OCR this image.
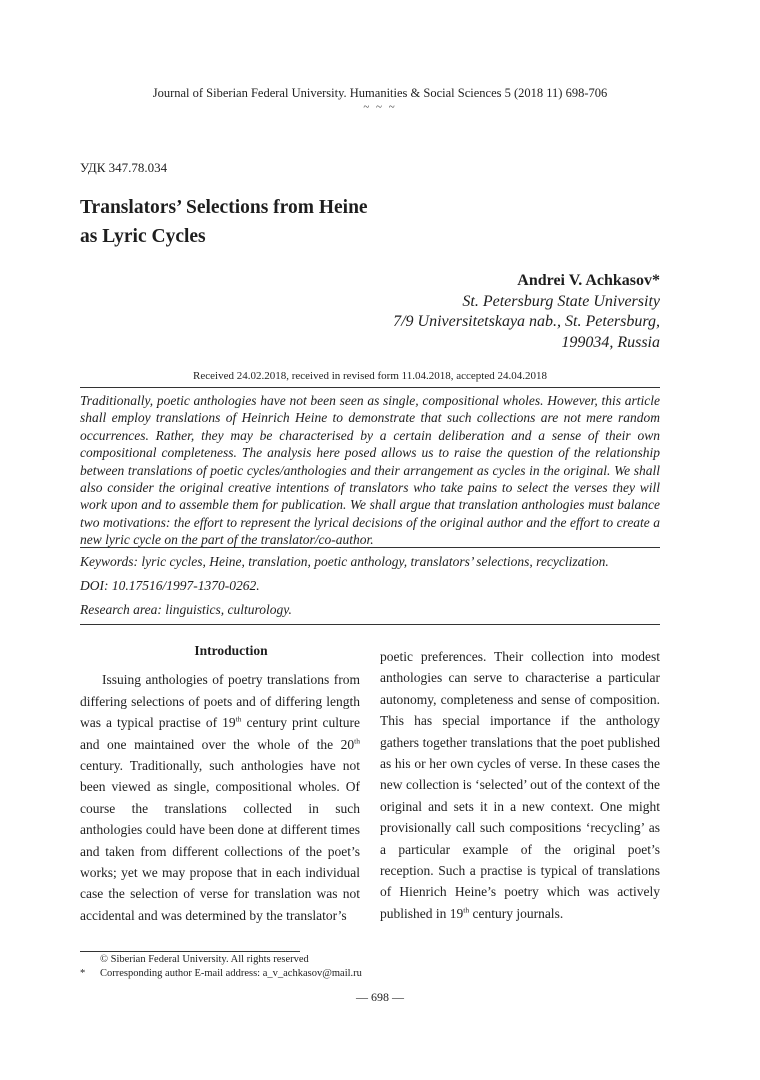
Journal of Siberian Federal University. Humanities & Social Sciences 5 (2018 11) 698-706
~ ~ ~
УДК 347.78.034
Translators’ Selections from Heine
as Lyric Cycles
Andrei V. Achkasov*
St. Petersburg State University
7/9 Universitetskaya nab., St. Petersburg,
199034, Russia
Received 24.02.2018, received in revised form 11.04.2018, accepted 24.04.2018
Traditionally, poetic anthologies have not been seen as single, compositional wholes. However, this article shall employ translations of Heinrich Heine to demonstrate that such collections are not mere random occurrences. Rather, they may be characterised by a certain deliberation and a sense of their own compositional completeness. The analysis here posed allows us to raise the question of the relationship between translations of poetic cycles/anthologies and their arrangement as cycles in the original. We shall also consider the original creative intentions of translators who take pains to select the verses they will work upon and to assemble them for publication. We shall argue that translation anthologies must balance two motivations: the effort to represent the lyrical decisions of the original author and the effort to create a new lyric cycle on the part of the translator/co-author.
Keywords: lyric cycles, Heine, translation, poetic anthology, translators’ selections, recyclization.
DOI: 10.17516/1997-1370-0262.
Research area: linguistics, culturology.

Introduction

Issuing anthologies of poetry translations from differing selections of poets and of differing length was a typical practise of 19th century print culture and one maintained over the whole of the 20th century. Traditionally, such anthologies have not been viewed as single, compositional wholes. Of course the translations collected in such anthologies could have been done at different times and taken from different collections of the poet’s works; yet we may propose that in each individual case the selection of verse for translation was not accidental and was determined by the translator’s

poetic preferences. Their collection into modest anthologies can serve to characterise a particular autonomy, completeness and sense of composition. This has special importance if the anthology gathers together translations that the poet published as his or her own cycles of verse. In these cases the new collection is ‘selected’ out of the context of the original and sets it in a new context. One might provisionally call such compositions ‘recycling’ as a particular example of the original poet’s reception. Such a practise is typical of translations of Hienrich Heine’s poetry which was actively published in 19th century journals.

© Siberian Federal University. All rights reserved
* Corresponding author E-mail address: a_v_achkasov@mail.ru
— 698 —
